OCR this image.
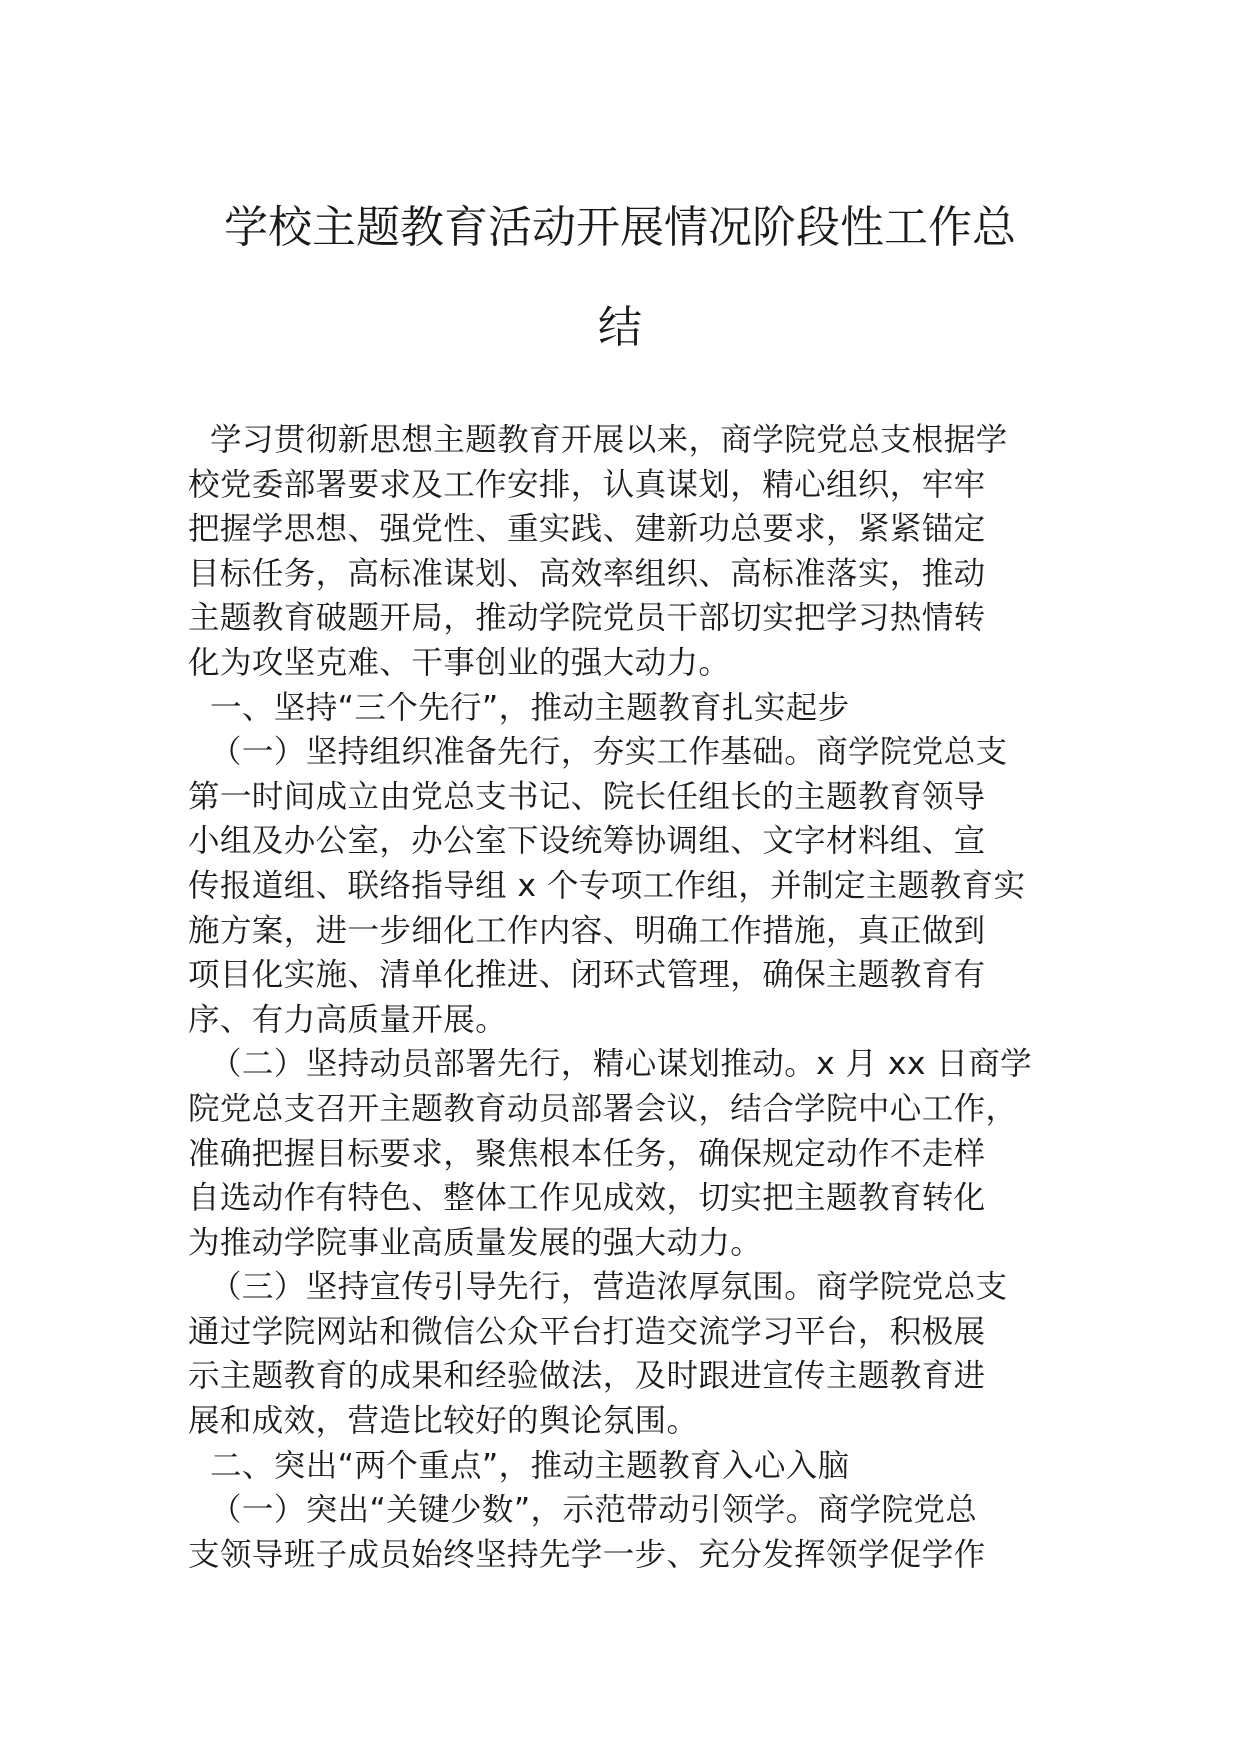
学校主题教育活动开展情况阶段性工作总
结
学习贯彻新思想主题教育开展以来，商学院党总支根据学
校党委部署要求及工作安排，认真谋划，精心组织，牢牢
把握学思想、强党性、重实践、建新功总要求，紧紧锚定
目标任务，高标准谋划、高效率组织、高标准落实，推动
主题教育破题开局，推动学院党员干部切实把学习热情转
化为攻坚克难、干事创业的强大动力。
一、坚持“三个先行”，推动主题教育扎实起步
（一）坚持组织准备先行，夯实工作基础。商学院党总支
第一时间成立由党总支书记、院长任组长的主题教育领导
小组及办公室，办公室下设统筹协调组、文字材料组、宣
传报道组、联络指导组 x 个专项工作组，并制定主题教育实
施方案，进一步细化工作内容、明确工作措施，真正做到
项目化实施、清单化推进、闭环式管理，确保主题教育有
序、有力高质量开展。
（二）坚持动员部署先行，精心谋划推动。x 月 xx 日商学
院党总支召开主题教育动员部署会议，结合学院中心工作，
准确把握目标要求，聚焦根本任务，确保规定动作不走样
自选动作有特色、整体工作见成效，切实把主题教育转化
为推动学院事业高质量发展的强大动力。
（三）坚持宣传引导先行，营造浓厚氛围。商学院党总支
通过学院网站和微信公众平台打造交流学习平台，积极展
示主题教育的成果和经验做法，及时跟进宣传主题教育进
展和成效，营造比较好的舆论氛围。
二、突出“两个重点”，推动主题教育入心入脑
（一）突出“关键少数”，示范带动引领学。商学院党总
支领导班子成员始终坚持先学一步、充分发挥领学促学作
